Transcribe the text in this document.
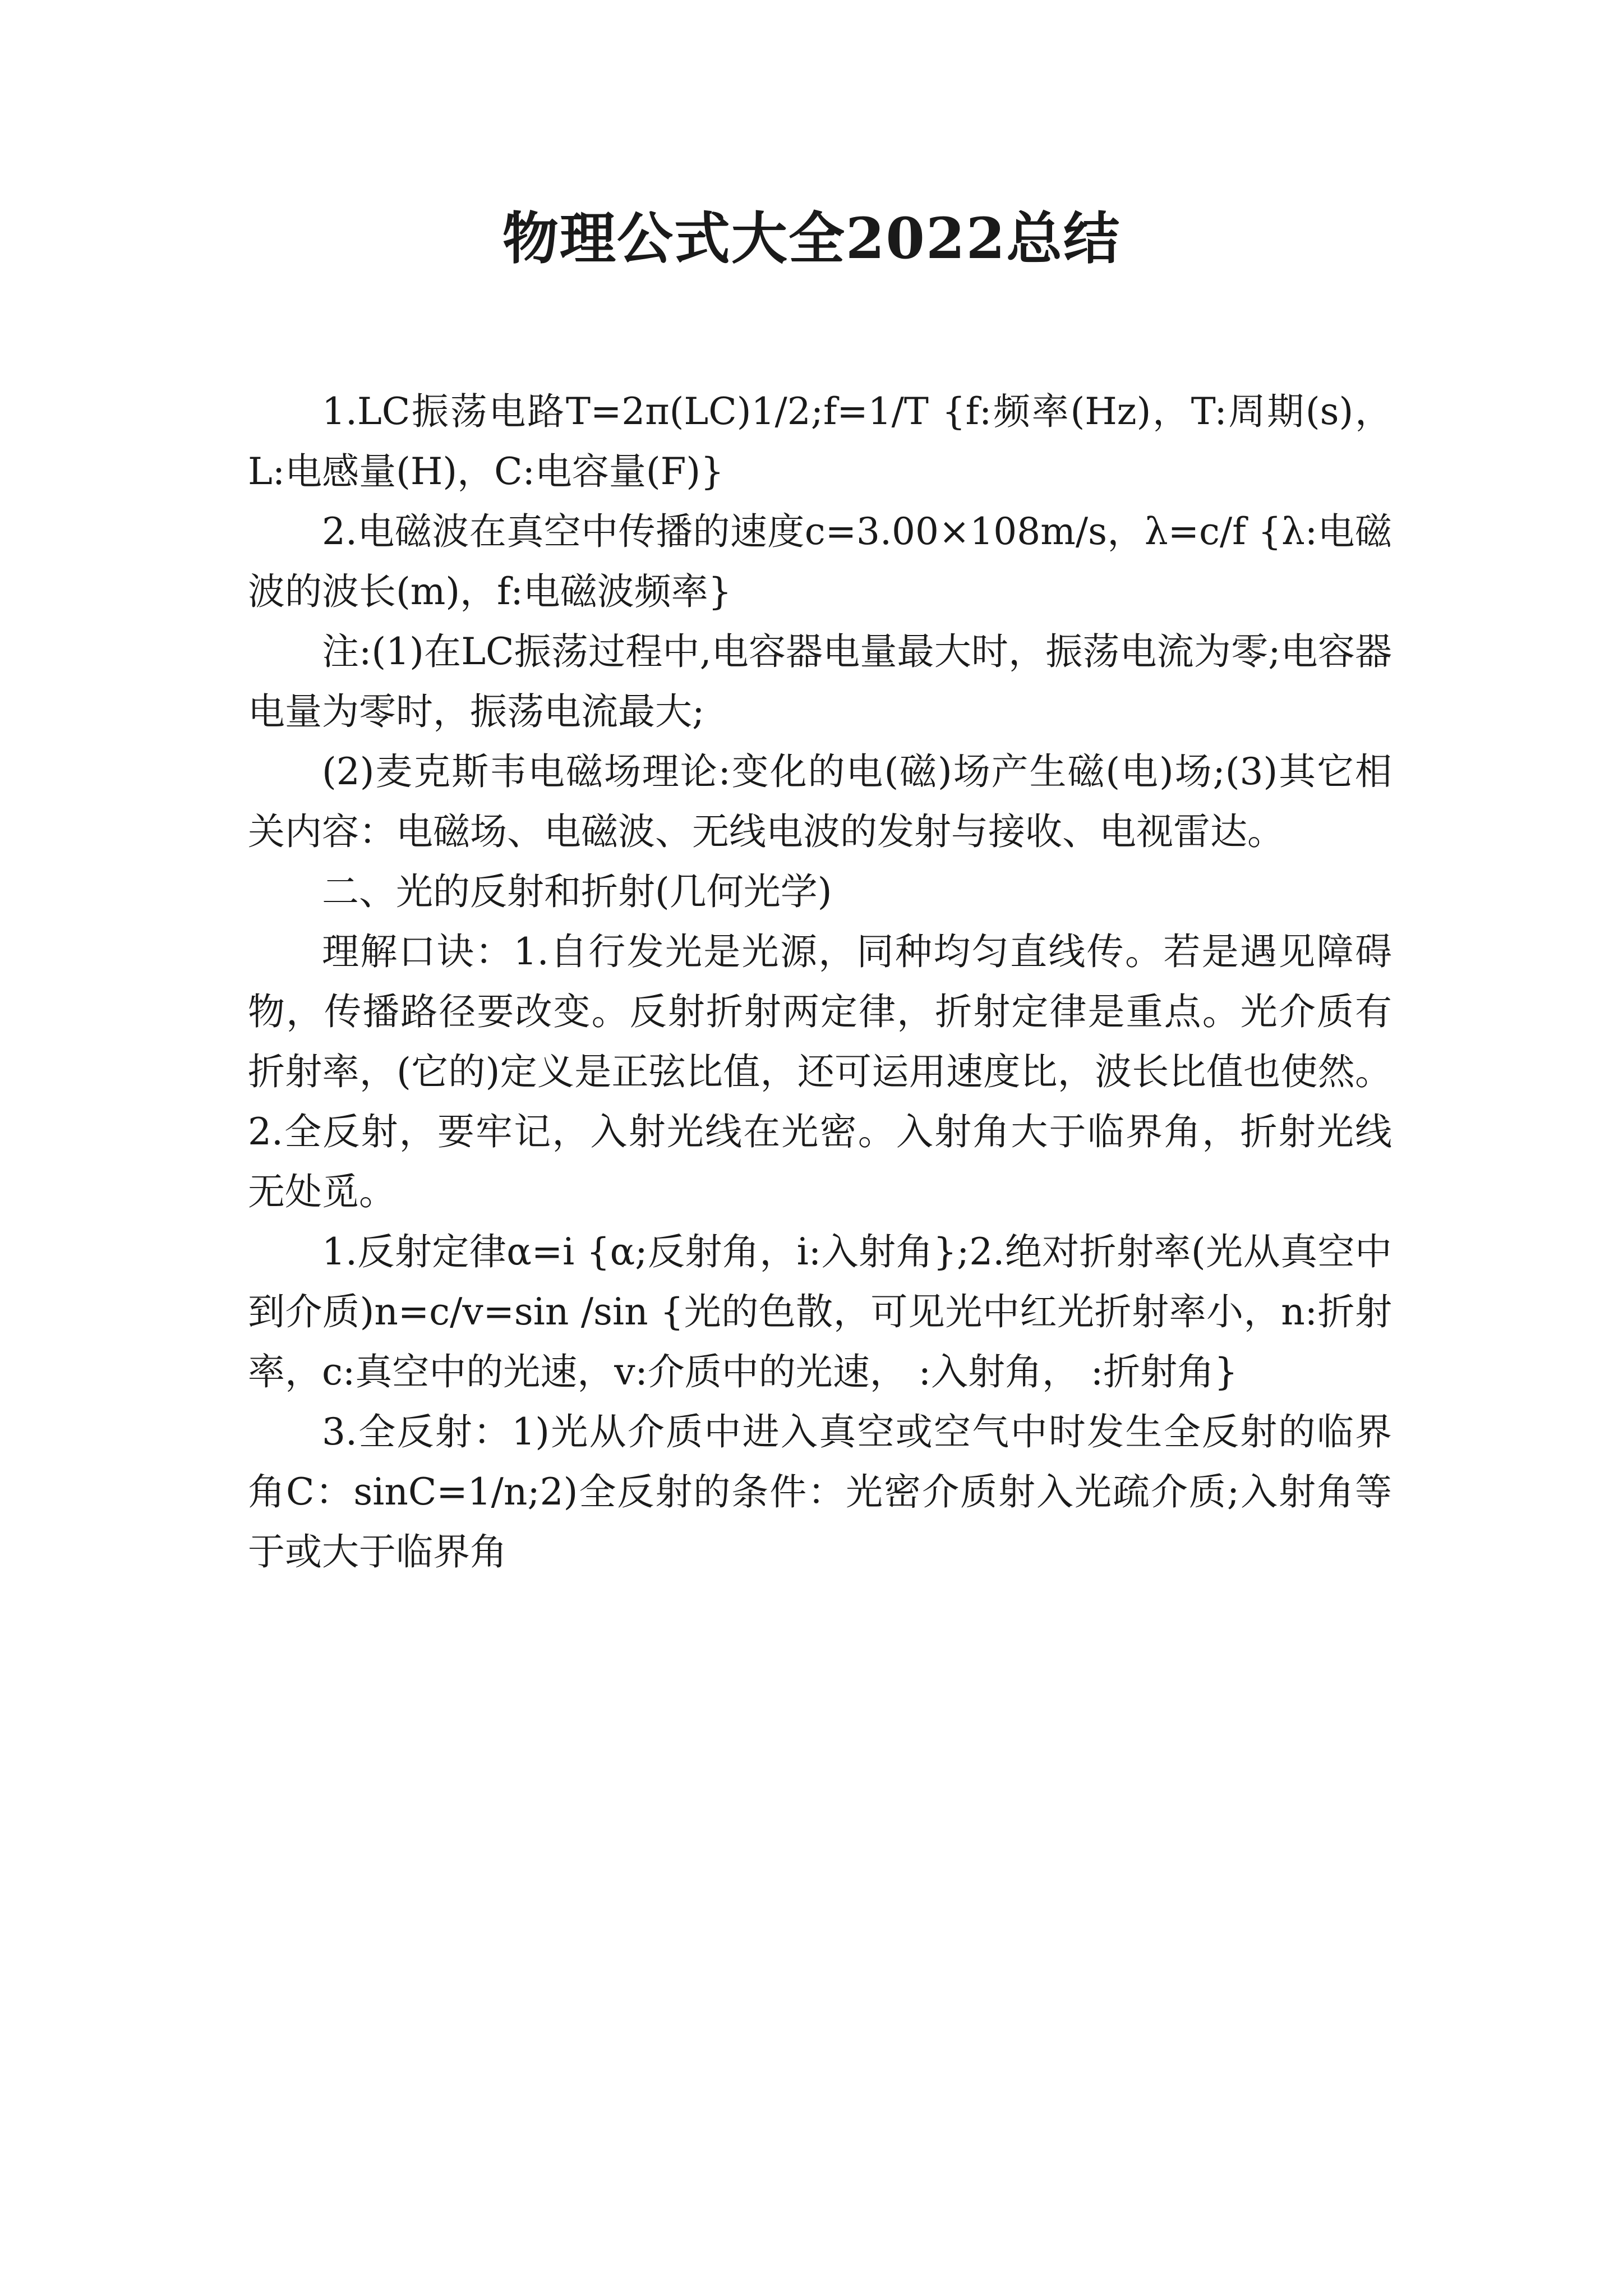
物理公式大全2022总结

1.LC振荡电路T=2π(LC)1/2;f=1/T {f:频率(Hz)，T:周期(s)，L:电感量(H)，C:电容量(F)}

2.电磁波在真空中传播的速度c=3.00×108m/s，λ=c/f {λ:电磁波的波长(m)，f:电磁波频率}

注:(1)在LC振荡过程中,电容器电量最大时，振荡电流为零;电容器电量为零时，振荡电流最大;

(2)麦克斯韦电磁场理论:变化的电(磁)场产生磁(电)场;(3)其它相关内容：电磁场、电磁波、无线电波的发射与接收、电视雷达。

二、光的反射和折射(几何光学)

理解口诀：1.自行发光是光源，同种均匀直线传。若是遇见障碍物，传播路径要改变。反射折射两定律，折射定律是重点。光介质有折射率，(它的)定义是正弦比值，还可运用速度比，波长比值也使然。2.全反射，要牢记，入射光线在光密。入射角大于临界角，折射光线无处觅。

1.反射定律α=i {α;反射角，i:入射角};2.绝对折射率(光从真空中到介质)n=c/v=sin /sin {光的色散，可见光中红光折射率小，n:折射率，c:真空中的光速，v:介质中的光速， :入射角， :折射角}

3.全反射：1)光从介质中进入真空或空气中时发生全反射的临界角C：sinC=1/n;2)全反射的条件：光密介质射入光疏介质;入射角等于或大于临界角
